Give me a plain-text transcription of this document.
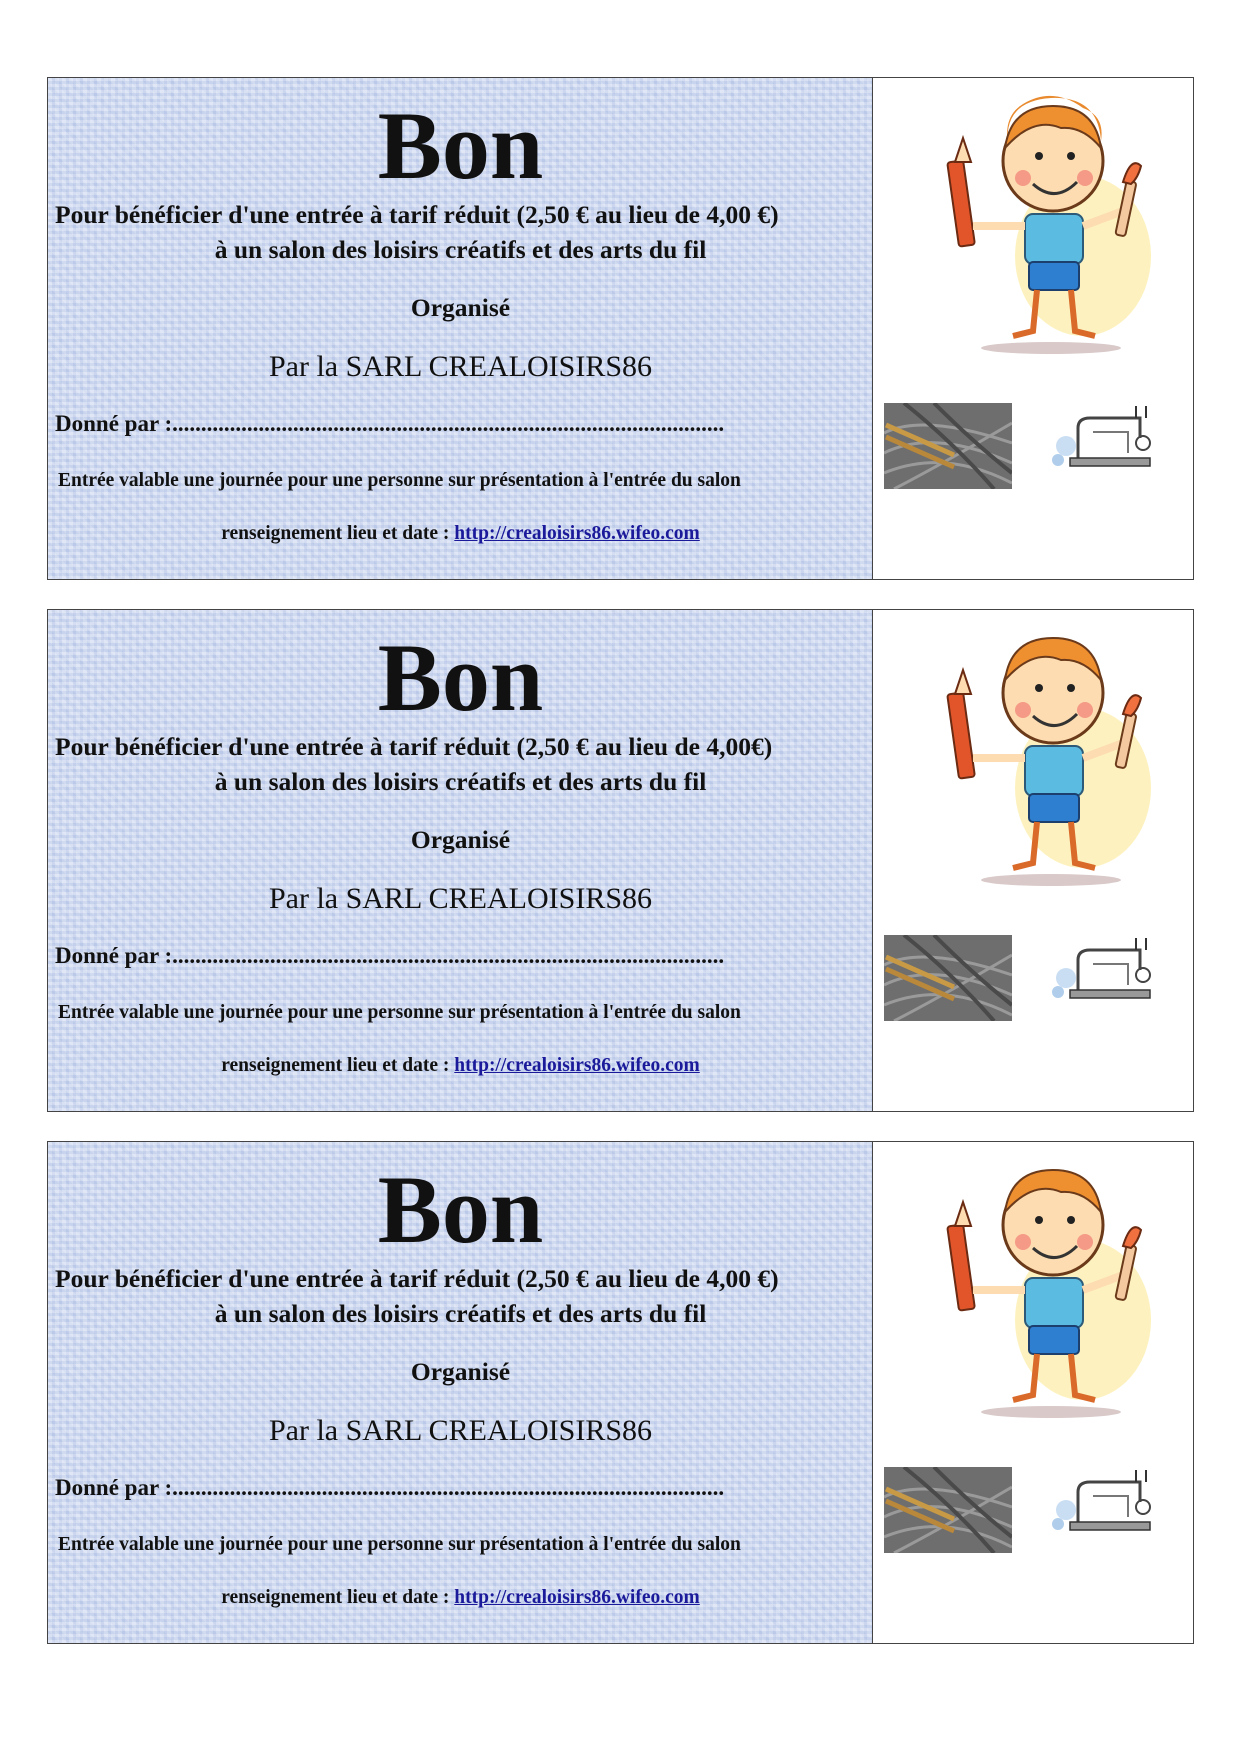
Bon
Pour bénéficier d'une entrée à tarif réduit (2,50 € au lieu de 4,00 €)
à un salon des loisirs créatifs et des arts du fil
Organisé
Par la SARL CREALOISIRS86
Donné par :................................................................................................
Entrée valable une journée pour une personne sur présentation à l'entrée du salon
renseignement lieu et date : http://crealoisirs86.wifeo.com
Bon
Pour bénéficier d'une entrée à tarif réduit (2,50 € au lieu de 4,00€)
à un salon des loisirs créatifs et des arts du fil
Organisé
Par la SARL CREALOISIRS86
Donné par :................................................................................................
Entrée valable une journée pour une personne sur présentation à l'entrée du salon
renseignement lieu et date : http://crealoisirs86.wifeo.com
Bon
Pour bénéficier d'une entrée à tarif réduit (2,50 € au lieu de 4,00 €)
à un salon des loisirs créatifs et des arts du fil
Organisé
Par la SARL CREALOISIRS86
Donné par :................................................................................................
Entrée valable une journée pour une personne sur présentation à l'entrée du salon
renseignement lieu et date : http://crealoisirs86.wifeo.com
